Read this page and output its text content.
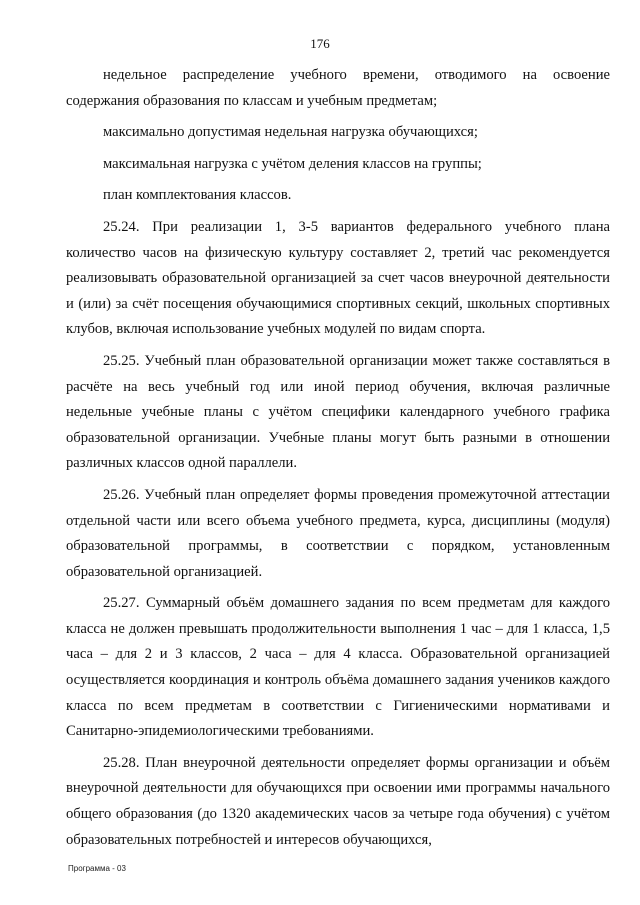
176

недельное распределение учебного времени, отводимого на освоение содержания образования по классам и учебным предметам;

максимально допустимая недельная нагрузка обучающихся;

максимальная нагрузка с учётом деления классов на группы;

план комплектования классов.

25.24. При реализации 1, 3-5 вариантов федерального учебного плана количество часов на физическую культуру составляет 2, третий час рекомендуется реализовывать образовательной организацией за счет часов внеурочной деятельности и (или) за счёт посещения обучающимися спортивных секций, школьных спортивных клубов, включая использование учебных модулей по видам спорта.

25.25. Учебный план образовательной организации может также составляться в расчёте на весь учебный год или иной период обучения, включая различные недельные учебные планы с учётом специфики календарного учебного графика образовательной организации. Учебные планы могут быть разными в отношении различных классов одной параллели.

25.26. Учебный план определяет формы проведения промежуточной аттестации отдельной части или всего объема учебного предмета, курса, дисциплины (модуля) образовательной программы, в соответствии с порядком, установленным образовательной организацией.

25.27. Суммарный объём домашнего задания по всем предметам для каждого класса не должен превышать продолжительности выполнения 1 час – для 1 класса, 1,5 часа – для 2 и 3 классов, 2 часа – для 4 класса. Образовательной организацией осуществляется координация и контроль объёма домашнего задания учеников каждого класса по всем предметам в соответствии с Гигиеническими нормативами и Санитарно-эпидемиологическими требованиями.

25.28. План внеурочной деятельности определяет формы организации и объём внеурочной деятельности для обучающихся при освоении ими программы начального общего образования (до 1320 академических часов за четыре года обучения) с учётом образовательных потребностей и интересов обучающихся,

Программа - 03
